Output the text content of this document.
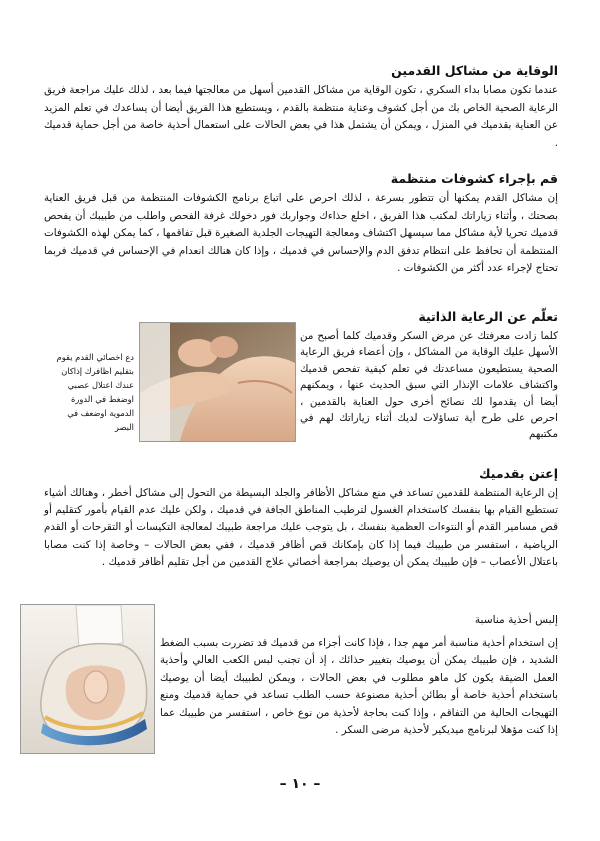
الوقاية من مشاكل القدمين

عندما تكون مصابا بداء السكري ، تكون الوقاية من مشاكل القدمين أسهل من معالجتها فيما بعد ، لذلك عليك مراجعة فريق الرعاية الصحية الخاص بك من أجل كشوف وعناية منتظمة بالقدم ، ويستطيع هذا الفريق أيضا أن يساعدك في تعلم المزيد عن العناية بقدميك في المنزل ، ويمكن أن يشتمل هذا في بعض الحالات على استعمال أحذية خاصة من أجل حماية قدميك .

قم بإجراء كشوفات منتظمة

إن مشاكل القدم يمكنها أن تتطور بسرعة ، لذلك احرص على اتباع برنامج الكشوفات المنتظمة من قبل فريق العناية بصحتك ، وأثناء زياراتك لمكتب هذا الفريق ، اخلع حذاءك وجواربك فور دخولك غرفة الفحص واطلب من طبيبك أن يفحص قدميك تحريا لأية مشاكل مما سيسهل اكتشاف ومعالجة التهيجات الجلدية الصغيرة قبل تفاقمها ، كما يمكن لهذه الكشوفات المنتظمة أن تحافظ على انتظام تدفق الدم والإحساس في قدميك ، وإذا كان هنالك انعدام في الإحساس في قدميك فربما تحتاج لإجراء عدد أكثر من الكشوفات .

تعلّم عن الرعاية الذاتية

كلما زادت معرفتك عن مرض السكر وقدميك كلما أصبح من الأسهل عليك الوقاية من المشاكل ، وإن أعضاء فريق الرعاية الصحية يستطيعون مساعدتك في تعلم كيفية تفحص قدميك واكتشاف علامات الإنذار التي سبق الحديث عنها ، ويمكنهم أيضا أن يقدموا لك نصائح أخرى حول العناية بالقدمين ، احرص على طرح أية تساؤلات لديك أثناء زياراتك لهم في مكتبهم

دع اخصائي القدم يقوم بتقليم اظافرك إذاكان عندك اعتلال عصبي اوضغط في الدورة الدموية اوضعف في البصر
إعتن بقدميك

إن الرعاية المنتظمة للقدمين تساعد في منع مشاكل الأظافر والجلد البسيطة من التحول إلى مشاكل أخطر ، وهنالك أشياء تستطيع القيام بها بنفسك كاستخدام الغسول لترطيب المناطق الجافة في قدميك ، ولكن عليك عدم القيام بأمور كتقليم أو قص مسامير القدم أو النتوءات العظمية بنفسك ، بل يتوجب عليك مراجعة طبيبك لمعالجة التكيسات أو التقرحات أو القدم الرياضية ، استفسر من طبيبك فيما إذا كان بإمكانك قص أظافر قدميك ، ففي بعض الحالات – وخاصة إذا كنت مصابا باعتلال الأعصاب – فإن طبيبك يمكن أن يوصيك بمراجعة أخصائي علاج القدمين من أجل تقليم أظافر قدميك .

إلبس أحذية مناسبة

إن استخدام أحذية مناسبة أمر مهم جدا ، فإذا كانت أجزاء من قدميك قد تضررت بسبب الضغط الشديد ، فإن طبيبك يمكن أن يوصيك بتغيير حذائك ، إذ أن تجنب لبس الكعب العالي وأحذية العمل الضيقة يكون كل ماهو مطلوب في بعض الحالات ، ويمكن لطبيبك أيضا أن يوصيك باستخدام أحذية خاصة أو بطائن أحذية مصنوعة حسب الطلب تساعد في حماية قدميك ومنع التهيجات الحالية من التفاقم ، وإذا كنت بحاجة لأحذية من نوع خاص ، استفسر من طبيبك عما إذا كنت مؤهلا لبرنامج ميديكير لأحذية مرضى السكر .

– ١٠ –
